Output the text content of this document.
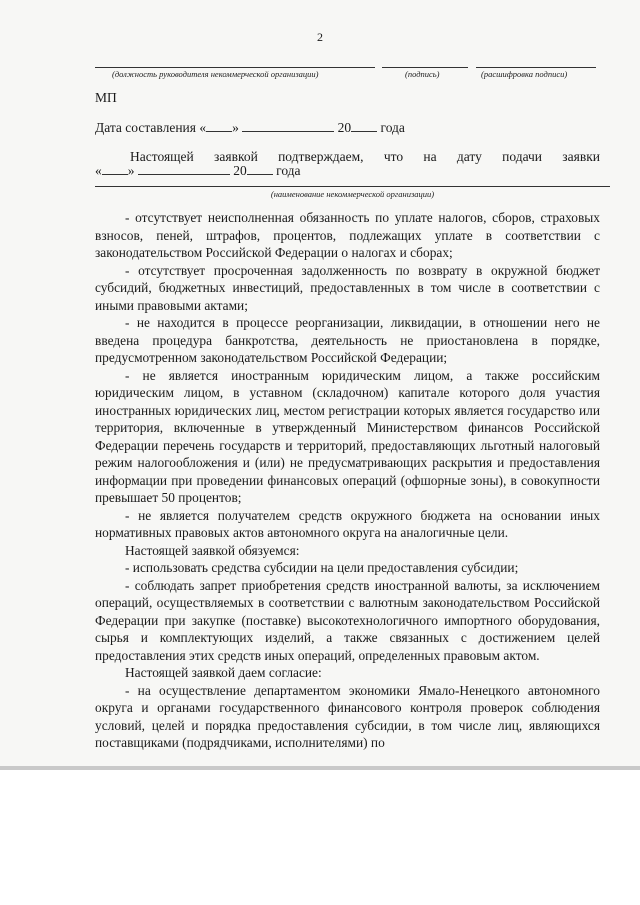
2
(должность руководителя некоммерческой организации)	(подпись)	(расшифровка подписи)
МП
Дата составления « »	20 года
Настоящей заявкой подтверждаем, что на дату подачи заявки
« »	20 года
(наименование некоммерческой организации)

- отсутствует неисполненная обязанность по уплате налогов, сборов, страховых взносов, пеней, штрафов, процентов, подлежащих уплате в соответствии с законодательством Российской Федерации о налогах и сборах;

- отсутствует просроченная задолженность по возврату в окружной бюджет субсидий, бюджетных инвестиций, предоставленных в том числе в соответствии с иными правовыми актами;

- не находится в процессе реорганизации, ликвидации, в отношении него не введена процедура банкротства, деятельность не приостановлена в порядке, предусмотренном законодательством Российской Федерации;

- не является иностранным юридическим лицом, а также российским юридическим лицом, в уставном (складочном) капитале которого доля участия иностранных юридических лиц, местом регистрации которых является государство или территория, включенные в утвержденный Министерством финансов Российской Федерации перечень государств и территорий, предоставляющих льготный налоговый режим налогообложения и (или) не предусматривающих раскрытия и предоставления информации при проведении финансовых операций (офшорные зоны), в совокупности превышает 50 процентов;

- не является получателем средств окружного бюджета на основании иных нормативных правовых актов автономного округа на аналогичные цели.

Настоящей заявкой обязуемся:

- использовать средства субсидии на цели предоставления субсидии;

- соблюдать запрет приобретения средств иностранной валюты, за исключением операций, осуществляемых в соответствии с валютным законодательством Российской Федерации при закупке (поставке) высокотехнологичного импортного оборудования, сырья и комплектующих изделий, а также связанных с достижением целей предоставления этих средств иных операций, определенных правовым актом.

Настоящей заявкой даем согласие:

- на осуществление департаментом экономики Ямало-Ненецкого автономного округа и органами государственного финансового контроля проверок соблюдения условий, целей и порядка предоставления субсидии, в том числе лиц, являющихся поставщиками (подрядчиками, исполнителями) по
